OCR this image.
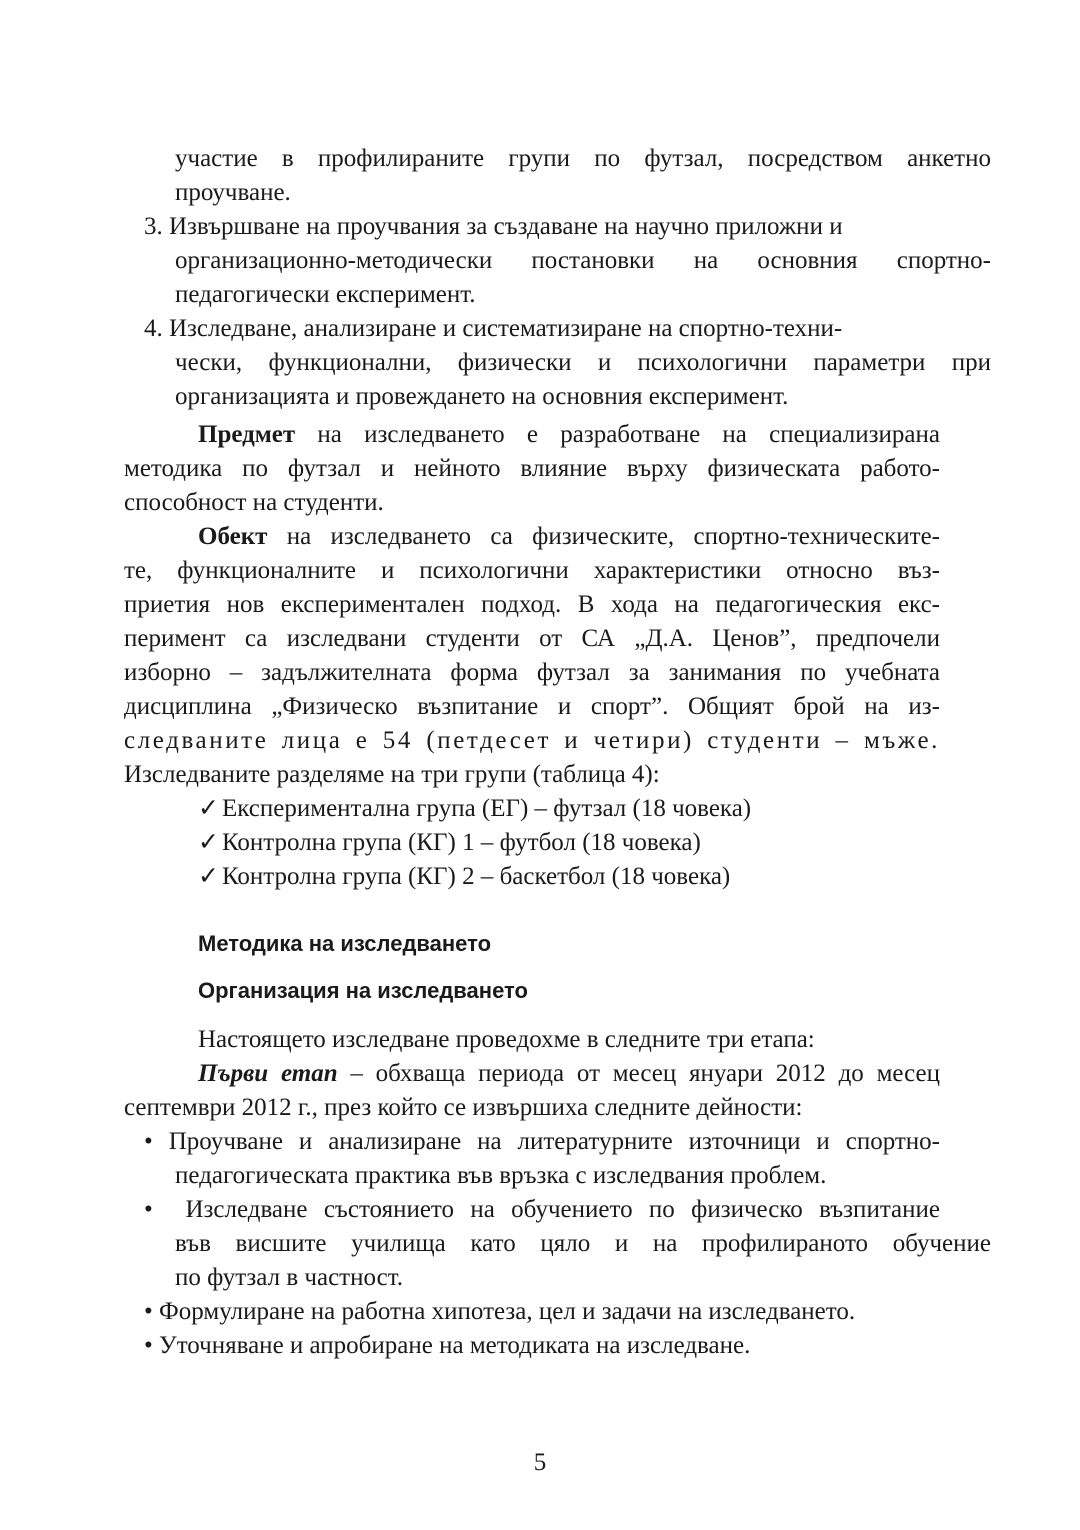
участие в профилираните групи по футзал, посредством анкетно
проучване.
3. Извършване на проучвания за създаване на научно приложни и
организационно-методически постановки на основния спортно-
педагогически експеримент.
4. Изследване, анализиране и систематизиране на спортно-техни-
чески, функционални, физически и психологични параметри при
организацията и провеждането на основния експеримент.
Предмет на изследването е разработване на специализирана
методика по футзал и нейното влияние върху физическата работо-
способност на студенти.
Обект на изследването са физическите, спортно-техническите-
те, функционалните и психологични характеристики относно въз-
приетия нов експериментален подход. В хода на педагогическия екс-
перимент са изследвани студенти от СА „Д.А. Ценов”, предпочели
изборно – задължителната форма футзал за занимания по учебната
дисциплина „Физическо възпитание и спорт”. Общият брой на из-
следваните лица е 54 (петдесет и четири) студенти – мъже.
Изследваните разделяме на три групи (таблица 4):
✓ Експериментална група (ЕГ) – футзал (18 човека)
✓ Контролна група (КГ) 1 – футбол (18 човека)
✓ Контролна група (КГ) 2 – баскетбол (18 човека)
Методика на изследването
Организация на изследването
Настоящето изследване проведохме в следните три етапа:
Първи етап – обхваща периода от месец януари 2012 до месец
септември 2012 г., през който се извършиха следните дейности:
• Проучване и анализиране на литературните източници и спортно-
педагогическата практика във връзка с изследвания проблем.
• Изследване състоянието на обучението по физическо възпитание
във висшите училища като цяло и на профилираното обучение
по футзал в частност.
• Формулиране на работна хипотеза, цел и задачи на изследването.
• Уточняване и апробиране на методиката на изследване.
5
